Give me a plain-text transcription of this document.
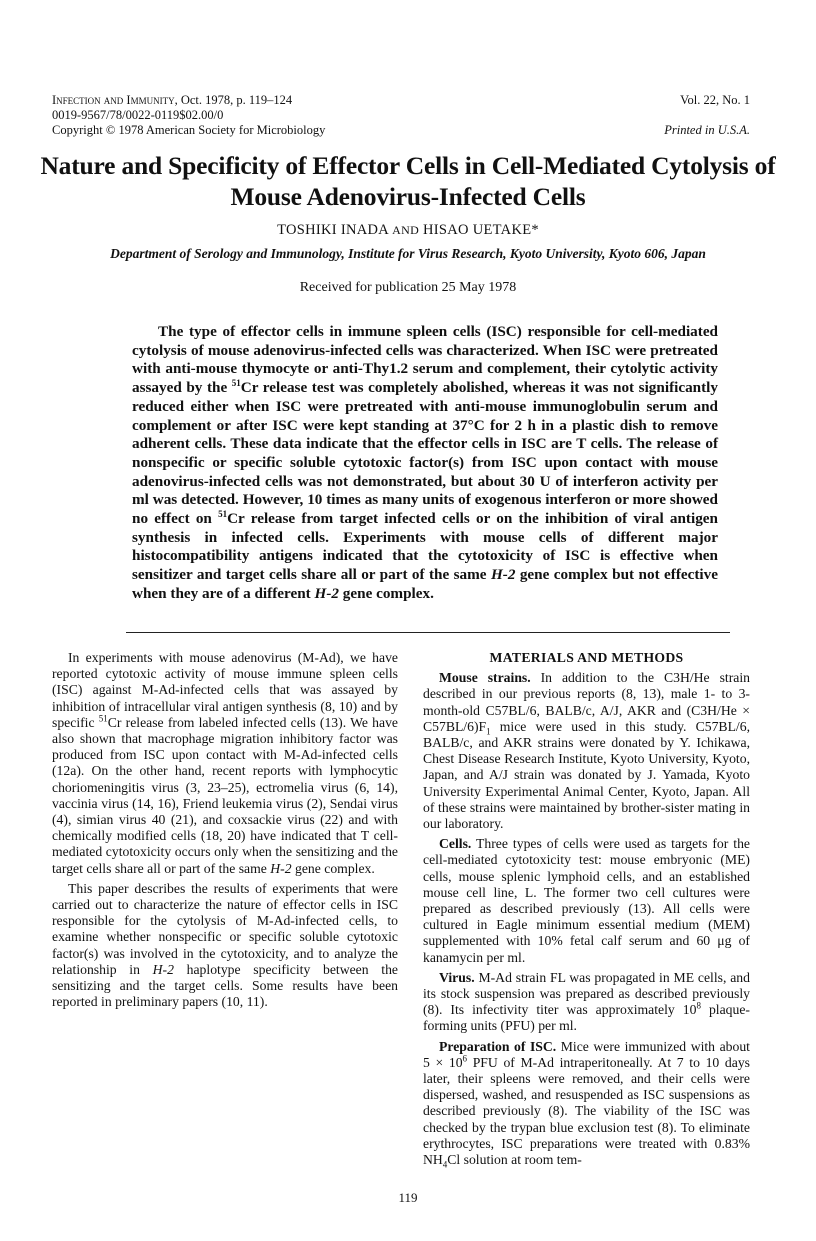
Infection and Immunity, Oct. 1978, p. 119–124
0019-9567/78/0022-0119$02.00/0
Copyright © 1978 American Society for Microbiology
Vol. 22, No. 1
Printed in U.S.A.
Nature and Specificity of Effector Cells in Cell-Mediated Cytolysis of Mouse Adenovirus-Infected Cells
TOSHIKI INADA AND HISAO UETAKE*
Department of Serology and Immunology, Institute for Virus Research, Kyoto University, Kyoto 606, Japan
Received for publication 25 May 1978
The type of effector cells in immune spleen cells (ISC) responsible for cell-mediated cytolysis of mouse adenovirus-infected cells was characterized. When ISC were pretreated with anti-mouse thymocyte or anti-Thy1.2 serum and complement, their cytolytic activity assayed by the $^{51}$Cr release test was completely abolished, whereas it was not significantly reduced either when ISC were pretreated with anti-mouse immunoglobulin serum and complement or after ISC were kept standing at 37°C for 2 h in a plastic dish to remove adherent cells. These data indicate that the effector cells in ISC are T cells. The release of nonspecific or specific soluble cytotoxic factor(s) from ISC upon contact with mouse adenovirus-infected cells was not demonstrated, but about 30 U of interferon activity per ml was detected. However, 10 times as many units of exogenous interferon or more showed no effect on $^{51}$Cr release from target infected cells or on the inhibition of viral antigen synthesis in infected cells. Experiments with mouse cells of different major histocompatibility antigens indicated that the cytotoxicity of ISC is effective when sensitizer and target cells share all or part of the same H-2 gene complex but not effective when they are of a different H-2 gene complex.

In experiments with mouse adenovirus (M-Ad), we have reported cytotoxic activity of mouse immune spleen cells (ISC) against M-Ad-infected cells that was assayed by inhibition of intracellular viral antigen synthesis (8, 10) and by specific $^{51}$Cr release from labeled infected cells (13). We have also shown that macrophage migration inhibitory factor was produced from ISC upon contact with M-Ad-infected cells (12a). On the other hand, recent reports with lymphocytic choriomeningitis virus (3, 23–25), ectromelia virus (6, 14), vaccinia virus (14, 16), Friend leukemia virus (2), Sendai virus (4), simian virus 40 (21), and coxsackie virus (22) and with chemically modified cells (18, 20) have indicated that T cell-mediated cytotoxicity occurs only when the sensitizing and the target cells share all or part of the same H-2 gene complex.

This paper describes the results of experiments that were carried out to characterize the nature of effector cells in ISC responsible for the cytolysis of M-Ad-infected cells, to examine whether nonspecific or specific soluble cytotoxic factor(s) was involved in the cytotoxicity, and to analyze the relationship in H-2 haplotype specificity between the sensitizing and the target cells. Some results have been reported in preliminary papers (10, 11).

MATERIALS AND METHODS

Mouse strains. In addition to the C3H/He strain described in our previous reports (8, 13), male 1- to 3-month-old C57BL/6, BALB/c, A/J, AKR and $(C3H/He \times C57BL/6)F_1$ mice were used in this study. C57BL/6, BALB/c, and AKR strains were donated by Y. Ichikawa, Chest Disease Research Institute, Kyoto University, Kyoto, Japan, and A/J strain was donated by J. Yamada, Kyoto University Experimental Animal Center, Kyoto, Japan. All of these strains were maintained by brother-sister mating in our laboratory.

Cells. Three types of cells were used as targets for the cell-mediated cytotoxicity test: mouse embryonic (ME) cells, mouse splenic lymphoid cells, and an established mouse cell line, L. The former two cell cultures were prepared as described previously (13). All cells were cultured in Eagle minimum essential medium (MEM) supplemented with 10% fetal calf serum and 60 μg of kanamycin per ml.

Virus. M-Ad strain FL was propagated in ME cells, and its stock suspension was prepared as described previously (8). Its infectivity titer was approximately $10^8$ plaque-forming units (PFU) per ml.

Preparation of ISC. Mice were immunized with about $5 \times 10^6$ PFU of M-Ad intraperitoneally. At 7 to 10 days later, their spleens were removed, and their cells were dispersed, washed, and resuspended as ISC suspensions as described previously (8). The viability of the ISC was checked by the trypan blue exclusion test (8). To eliminate erythrocytes, ISC preparations were treated with 0.83% $NH_4Cl$ solution at room tem-

119
